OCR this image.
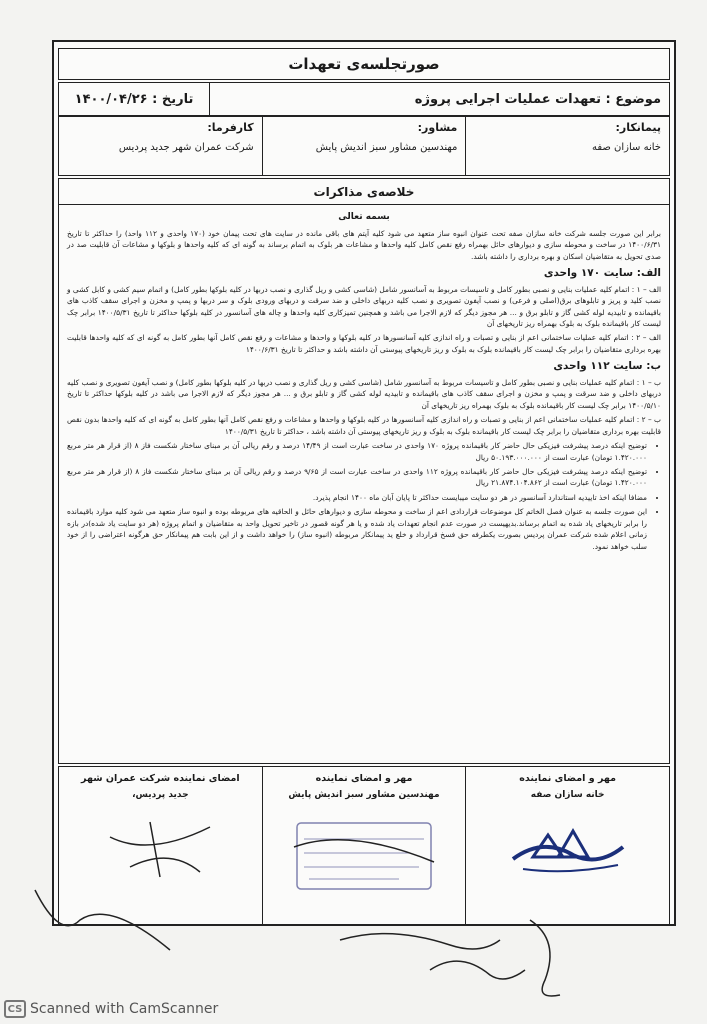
صورتجلسه‌ی تعهدات
موضوع : تعهدات عملیات اجرایی پروژه
تاریخ : ۱۴۰۰/۰۴/۲۶
پیمانکار:
خانه سازان صفه
مشاور:
مهندسین مشاور سبز اندیش پایش
کارفرما:
شرکت عمران شهر جدید پردیس
خلاصه‌ی مذاکرات
بسمه تعالی

برابر این صورت جلسه شرکت خانه سازان صفه تحت عنوان انبوه ساز متعهد می شود کلیه آیتم های باقی مانده در سایت های تحت پیمان خود (۱۷۰ واحدی و ۱۱۲ واحد) را حداکثر تا تاریخ ۱۴۰۰/۶/۳۱ در ساخت و محوطه سازی و دیوارهای حائل بهمراه رفع نقص کامل کلیه واحدها و مشاعات هر بلوک به اتمام برساند به گونه ای که کلیه واحدها و بلوکها و مشاعات آن قابلیت صد در صدی تحویل به متقاضیان اسکان و بهره برداری را داشته باشد.

الف: سایت ۱۷۰ واحدی

الف – ۱ : اتمام کلیه عملیات بنایی و نصبی بطور کامل و تاسیسات مربوط به آسانسور شامل (شاسی کشی و ریل گذاری و نصب دربها در کلیه بلوکها بطور کامل) و اتمام سیم کشی و کابل کشی و نصب کلید و پریز و تابلوهای برق(اصلی و فرعی) و نصب آیفون تصویری و نصب کلیه دربهای داخلی و ضد سرقت و دربهای ورودی بلوک و سر دربها و پمپ و مخزن و اجرای سقف کاذب های باقیمانده و تابیدیه لوله کشی گاز و تابلو برق و ... هر مجوز دیگر که لازم الاجرا می باشد و همچنین تمیزکاری کلیه واحدها و چاله های آسانسور در کلیه بلوکها حداکثر تا تاریخ ۱۴۰۰/۵/۳۱ برابر چک لیست کار باقیمانده بلوک به بلوک بهمراه ریز تاریخهای آن

الف – ۲ : اتمام کلیه عملیات ساختمانی اعم از بنایی و تصبات و راه اندازی کلیه آسانسورها در کلیه بلوکها و واحدها و مشاعات و رفع نقص کامل آنها بطور کامل به گونه ای که کلیه واحدها قابلیت بهره برداری متقاضیان را برابر چک لیست کار باقیمانده بلوک به بلوک و ریز تاریخهای پیوستی آن داشته باشد و حداکثر تا تاریخ ۱۴۰۰/۶/۳۱

ب: سایت ۱۱۲ واحدی

ب – ۱ : اتمام کلیه عملیات بنایی و نصبی بطور کامل و تاسیسات مربوط به آسانسور شامل (شاسی کشی و ریل گذاری و نصب دربها در کلیه بلوکها بطور کامل) و نصب آیفون تصویری و نصب کلیه دربهای داخلی و ضد سرقت و پمپ و مخزن و اجرای سقف کاذب های باقیمانده و تابیدیه لوله کشی گاز و تابلو برق و ... هر مجوز دیگر که لازم الاجرا می باشد در کلیه بلوکها حداکثر تا تاریخ ۱۴۰۰/۵/۱۰ برابر چک لیست کار باقیمانده بلوک به بلوک بهمراه ریز تاریخهای آن

ب – ۲ : اتمام کلیه عملیات ساختمانی اعم از بنایی و تصبات و راه اندازی کلیه آسانسورها در کلیه بلوکها و واحدها و مشاعات و رفع نقص کامل آنها بطور کامل به گونه ای که کلیه واحدها بدون نقص قابلیت بهره برداری متقاضیان را برابر چک لیست کار باقیمانده بلوک به بلوک و ریز تاریخهای پیوستی آن داشته باشد ، حداکثر تا تاریخ ۱۴۰۰/۵/۳۱

• توضیح اینکه درصد پیشرفت فیزیکی حال حاضر کار باقیمانده پروژه ۱۷۰ واحدی در ساخت عبارت است از ۱۴/۴۹ درصد و رقم ریالی آن بر مبنای ساختار شکست فاز ۸ (از قرار هر متر مربع ۱.۴۲۰.۰۰۰ تومان) عبارت است از ۵۰.۱۹۳.۰۰۰.۰۰۰ ریال
• توضیح اینکه درصد پیشرفت فیزیکی حال حاضر کار باقیمانده پروژه ۱۱۲ واحدی در ساخت عبارت است از ۹/۶۵ درصد و رقم ریالی آن بر مبنای ساختار شکست فاز ۸ (از قرار هر متر مربع ۱.۴۲۰.۰۰۰ تومان) عبارت است از ۲۱.۸۷۴.۱۰۴.۸۶۲ ریال
• مضافا اینکه اخذ تاییدیه استاندارد آسانسور در هر دو سایت میبایست حداکثر تا پایان آبان ماه ۱۴۰۰ انجام پذیرد.
• این صورت جلسه به عنوان فصل الخاتم کل موضوعات قراردادی اعم از ساخت و محوطه سازی و دیوارهای حائل و الحاقیه های مربوطه بوده و انبوه ساز متعهد می شود کلیه موارد باقیمانده را برابر تاریخهای یاد شده به اتمام برساند.بدیهیست در صورت عدم انجام تعهدات یاد شده و یا هر گونه قصور در تاخیر تحویل واحد به متقاضیان و اتمام پروژه (هر دو سایت یاد شده)در بازه زمانی اعلام شده شرکت عمران پردیس بصورت یکطرفه حق فسخ قرارداد و خلع ید پیمانکار مربوطه (انبوه ساز) را خواهد داشت و از این بابت هم پیمانکار حق هرگونه اعتراضی را از خود سلب خواهد نمود.
مهر و امضای نماینده
خانه سازان صفه
مهر و امضای نماینده
مهندسین مشاور سبز اندیش پایش
امضای نماینده شرکت عمران شهر
جدید پردیس،
CS Scanned with CamScanner
